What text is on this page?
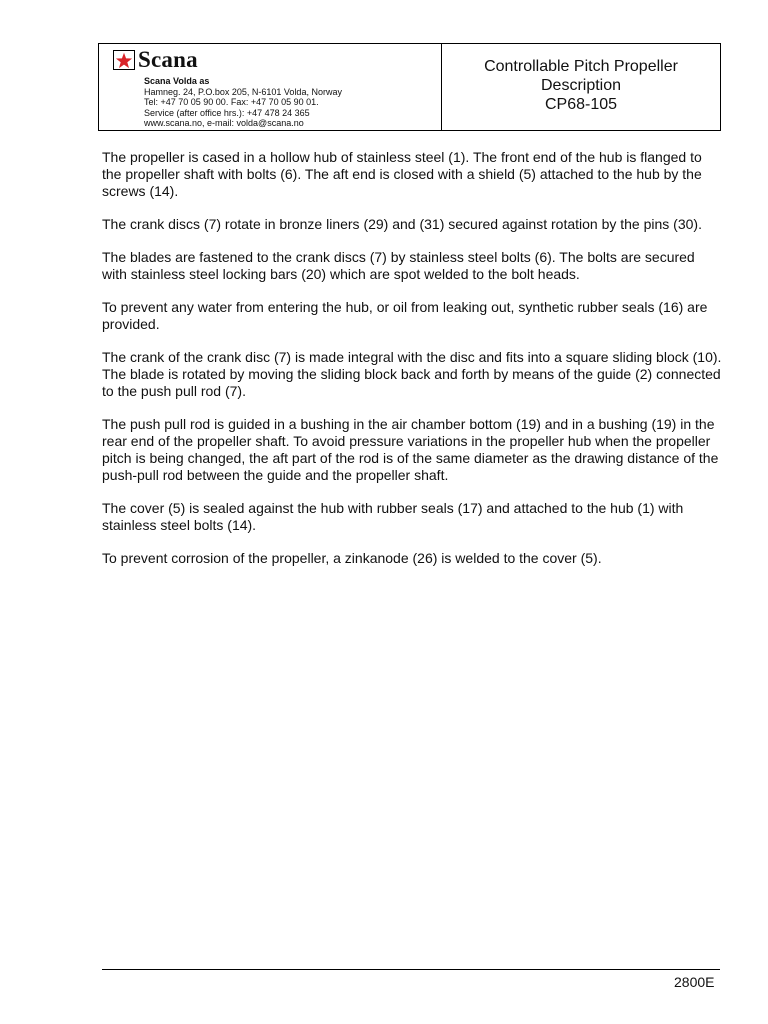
Scana
Scana Volda as
Hamneg. 24, P.O.box 205, N-6101 Volda, Norway
Tel: +47 70 05 90 00. Fax: +47 70 05 90 01.
Service (after office hrs.): +47 478 24 365
www.scana.no, e-mail: volda@scana.no
Controllable Pitch Propeller
Description
CP68-105

The propeller is cased in a hollow hub of stainless steel (1). The front end of the hub is flanged to the propeller shaft with bolts (6). The aft end is closed with a shield (5) attached to the hub by the screws (14).

The crank discs (7) rotate in bronze liners (29) and (31) secured against rotation by the pins (30).

The blades are fastened to the crank discs (7) by stainless steel bolts (6). The bolts are secured with stainless steel locking bars (20) which are spot welded to the bolt heads.

To prevent any water from entering the hub, or oil from leaking out, synthetic rubber seals (16) are provided.

The crank of the crank disc (7) is made integral with the disc and fits into a square sliding block (10). The blade is rotated by moving the sliding block back and forth by means of the guide (2) connected to the push pull rod (7).

The push pull rod is guided in a bushing in the air chamber bottom (19) and in a bushing (19) in the rear end of the propeller shaft. To avoid pressure variations in the propeller hub when the propeller pitch is being changed, the aft part of the rod is of the same diameter as the drawing distance of the push-pull rod between the guide and the propeller shaft.

The cover (5) is sealed against the hub with rubber seals (17) and attached to the hub (1) with stainless steel bolts (14).

To prevent corrosion of the propeller, a zinkanode (26) is welded to the cover (5).

2800E
